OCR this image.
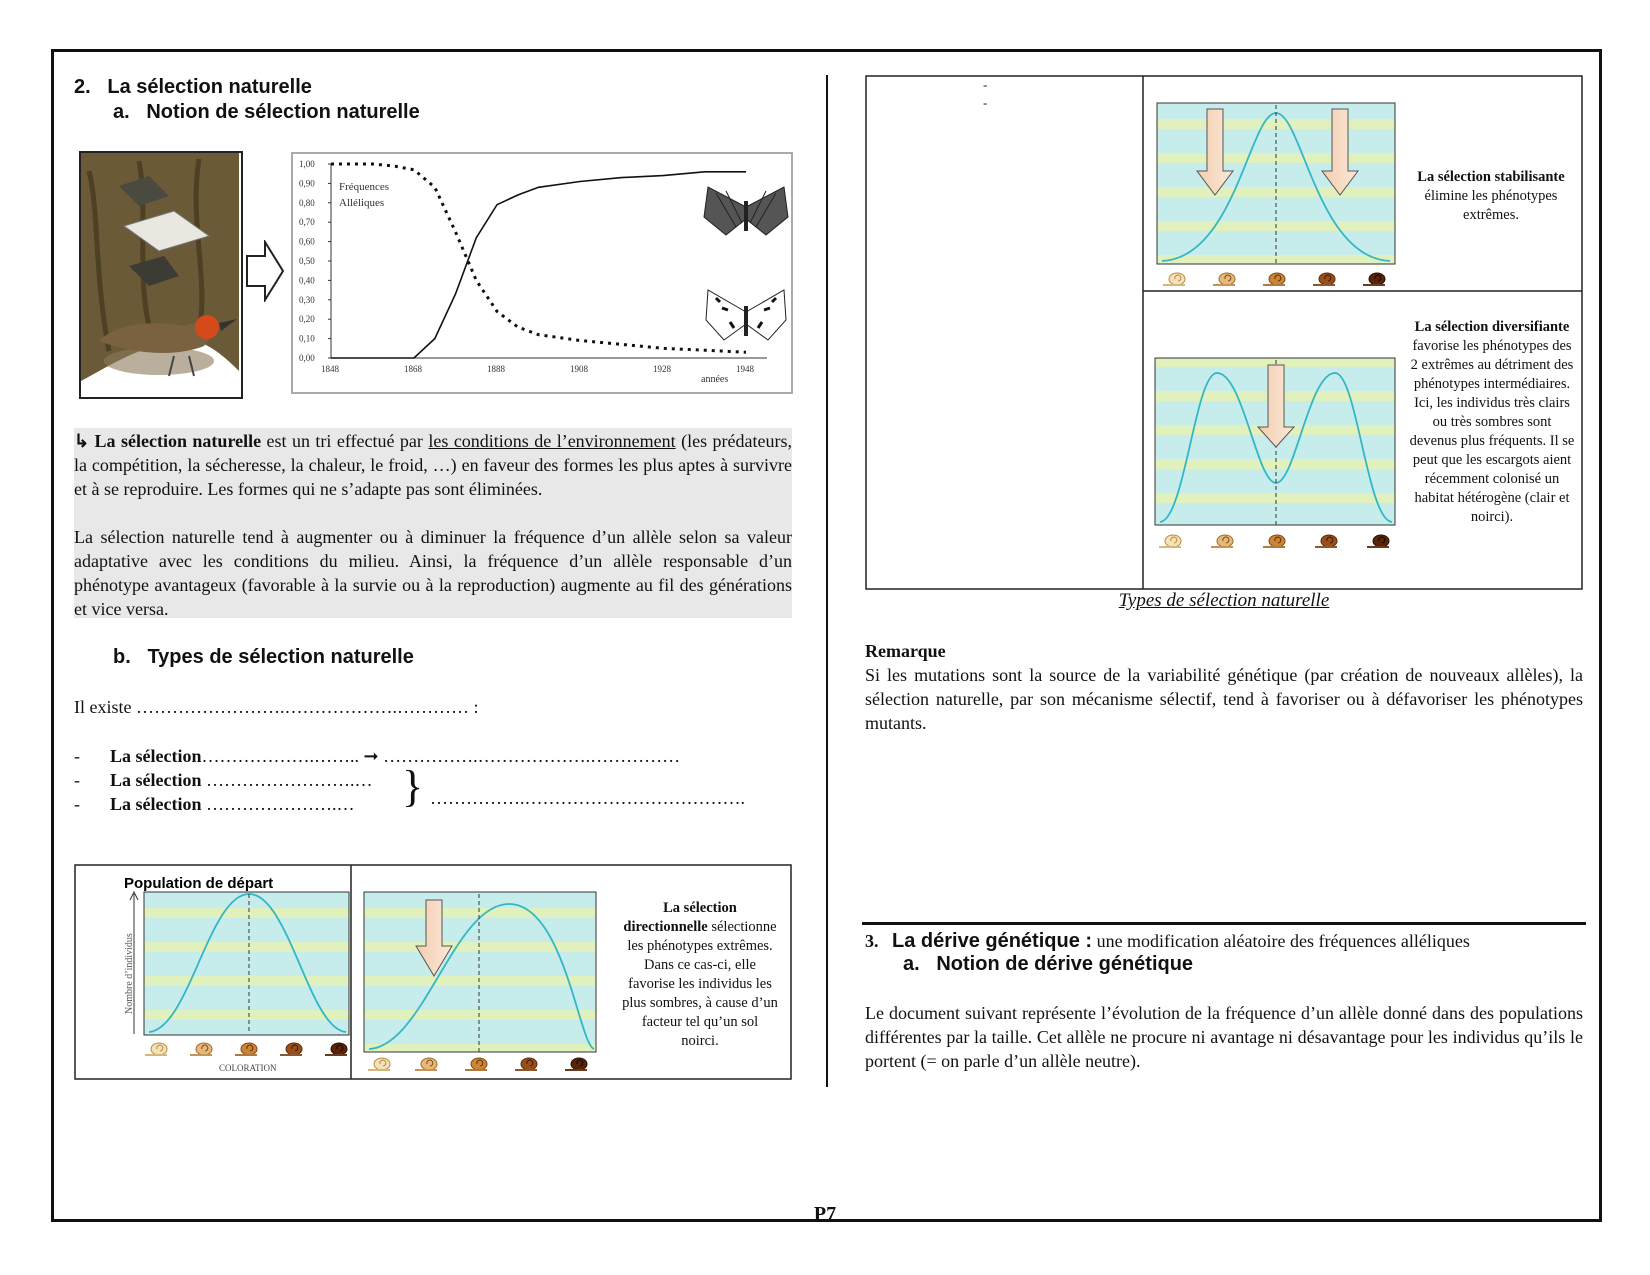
2. La sélection naturelle
a. Notion de sélection naturelle
1,00
0,90
0,80
0,70
0,60
0,50
0,40
0,30
0,20
0,10
0,00
1848	1868	1888	1908	1928	1948
Fréquences
Alléliques
années
↳ La sélection naturelle est un tri effectué par les conditions de l’environnement (les prédateurs, la compétition, la sécheresse, la chaleur, le froid, …) en faveur des formes les plus aptes à survivre et à se reproduire. Les formes qui ne s’adapte pas sont éliminées.
La sélection naturelle tend à augmenter ou à diminuer la fréquence d’un allèle selon sa valeur adaptative avec les conditions du milieu. Ainsi, la fréquence d’un allèle responsable d’un phénotype avantageux (favorable à la survie ou à la reproduction) augmente au fil des générations et vice versa.
b. Types de sélection naturelle
Il existe …………………….……………….………… :
- La sélection……………….…….. ➞ …………….……………….……………
- La sélection …………………….…
- La sélection ………………….… } …………….……………………………….
Population de départ
Nombre d’individus
COLORATION
La sélection directionnelle sélectionne les phénotypes extrêmes. Dans ce cas-ci, elle favorise les individus les plus sombres, à cause d’un facteur tel qu’un sol noirci.
-
-
La sélection stabilisante élimine les phénotypes extrêmes.
La sélection diversifiante favorise les phénotypes des 2 extrêmes au détriment des phénotypes intermédiaires. Ici, les individus très clairs ou très sombres sont devenus plus fréquents. Il se peut que les escargots aient récemment colonisé un habitat hétérogène (clair et noirci).
Types de sélection naturelle
Remarque
Si les mutations sont la source de la variabilité génétique (par création de nouveaux allèles), la sélection naturelle, par son mécanisme sélectif, tend à favoriser ou à défavoriser les phénotypes mutants.
3. La dérive génétique : une modification aléatoire des fréquences alléliques
a. Notion de dérive génétique
Le document suivant représente l’évolution de la fréquence d’un allèle donné dans des populations différentes par la taille. Cet allèle ne procure ni avantage ni désavantage pour les individus qu’ils le portent (= on parle d’un allèle neutre).
P7
